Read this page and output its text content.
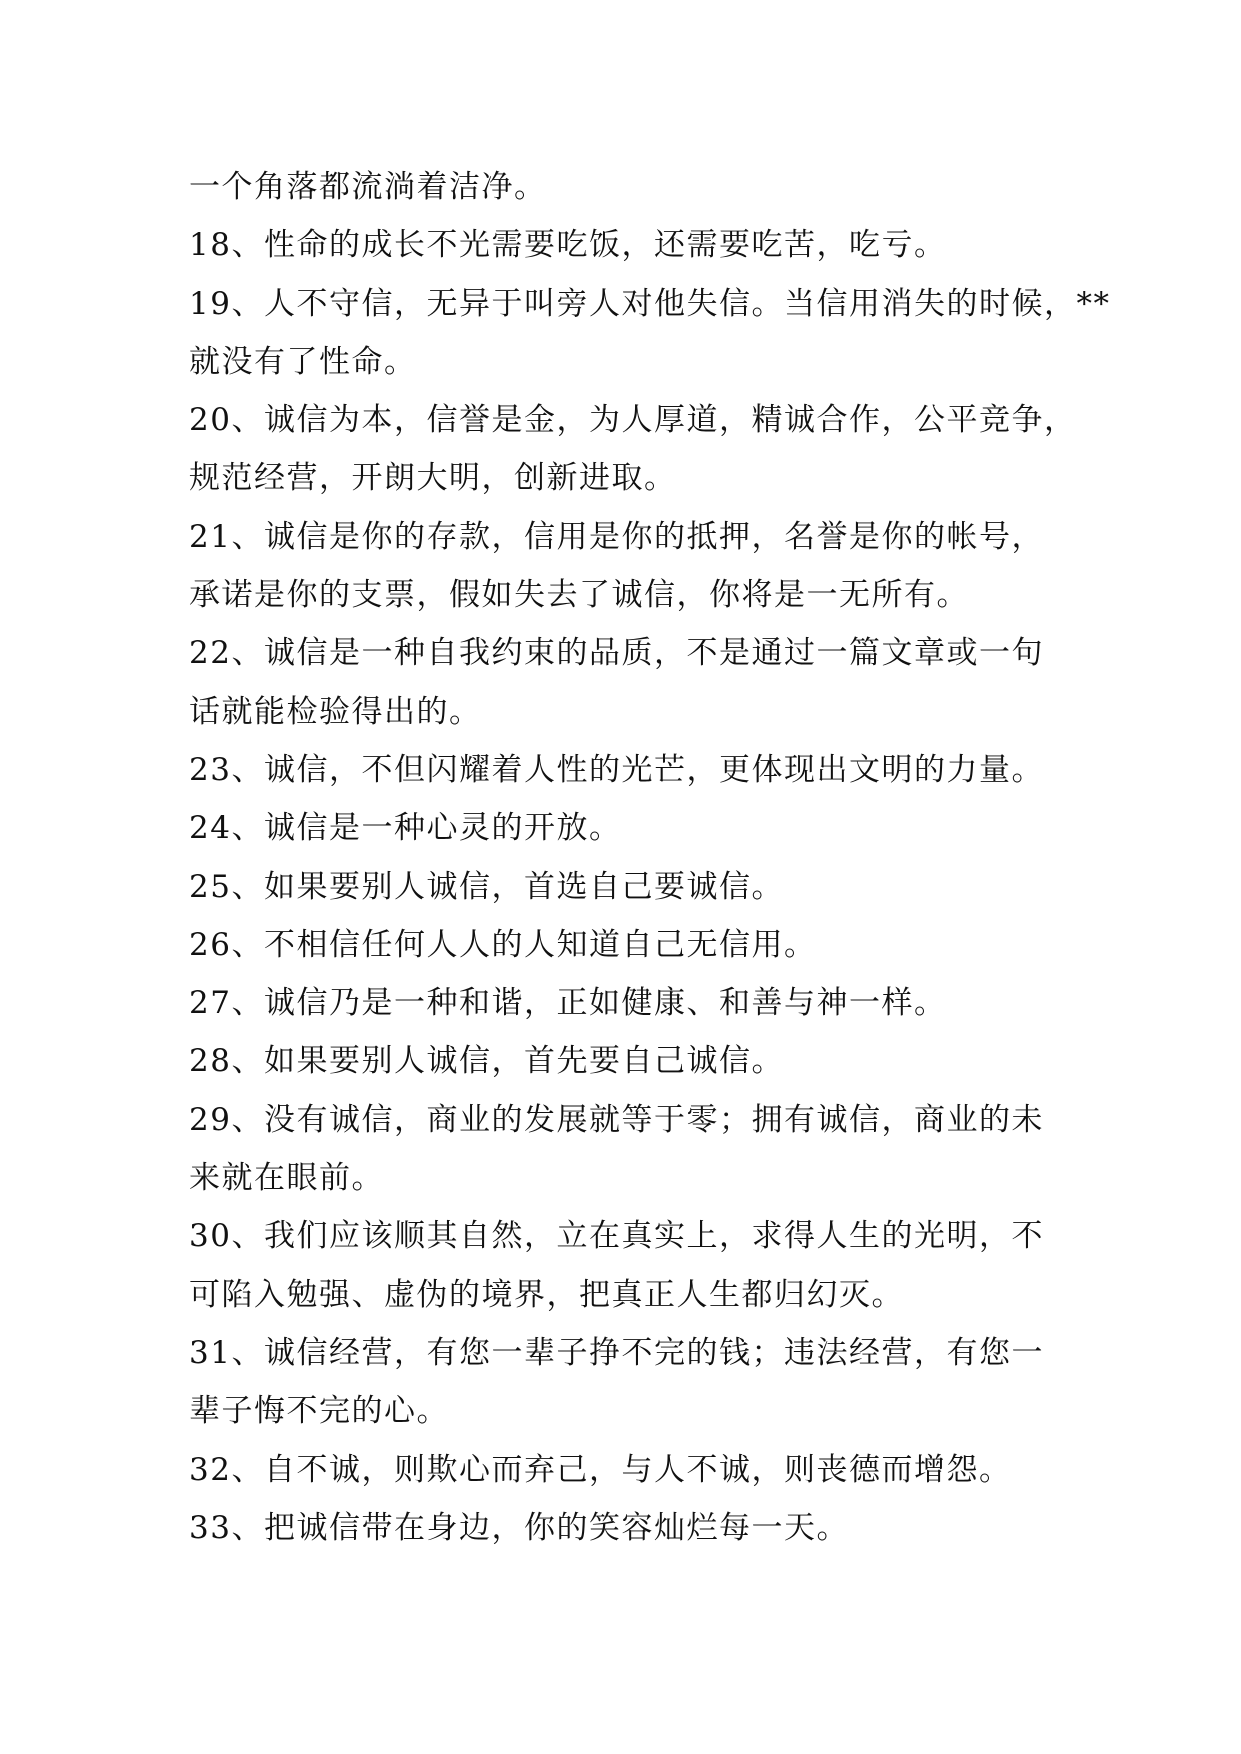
一个角落都流淌着洁净。
18、性命的成长不光需要吃饭，还需要吃苦，吃亏。
19、人不守信，无异于叫旁人对他失信。当信用消失的时候，**
就没有了性命。
20、诚信为本，信誉是金，为人厚道，精诚合作，公平竞争，
规范经营，开朗大明，创新进取。
21、诚信是你的存款，信用是你的抵押，名誉是你的帐号，
承诺是你的支票，假如失去了诚信，你将是一无所有。
22、诚信是一种自我约束的品质，不是通过一篇文章或一句
话就能检验得出的。
23、诚信，不但闪耀着人性的光芒，更体现出文明的力量。
24、诚信是一种心灵的开放。
25、如果要别人诚信，首选自己要诚信。
26、不相信任何人人的人知道自己无信用。
27、诚信乃是一种和谐，正如健康、和善与神一样。
28、如果要别人诚信，首先要自己诚信。
29、没有诚信，商业的发展就等于零；拥有诚信，商业的未
来就在眼前。
30、我们应该顺其自然，立在真实上，求得人生的光明，不
可陷入勉强、虚伪的境界，把真正人生都归幻灭。
31、诚信经营，有您一辈子挣不完的钱；违法经营，有您一
辈子悔不完的心。
32、自不诚，则欺心而弃己，与人不诚，则丧德而增怨。
33、把诚信带在身边，你的笑容灿烂每一天。
